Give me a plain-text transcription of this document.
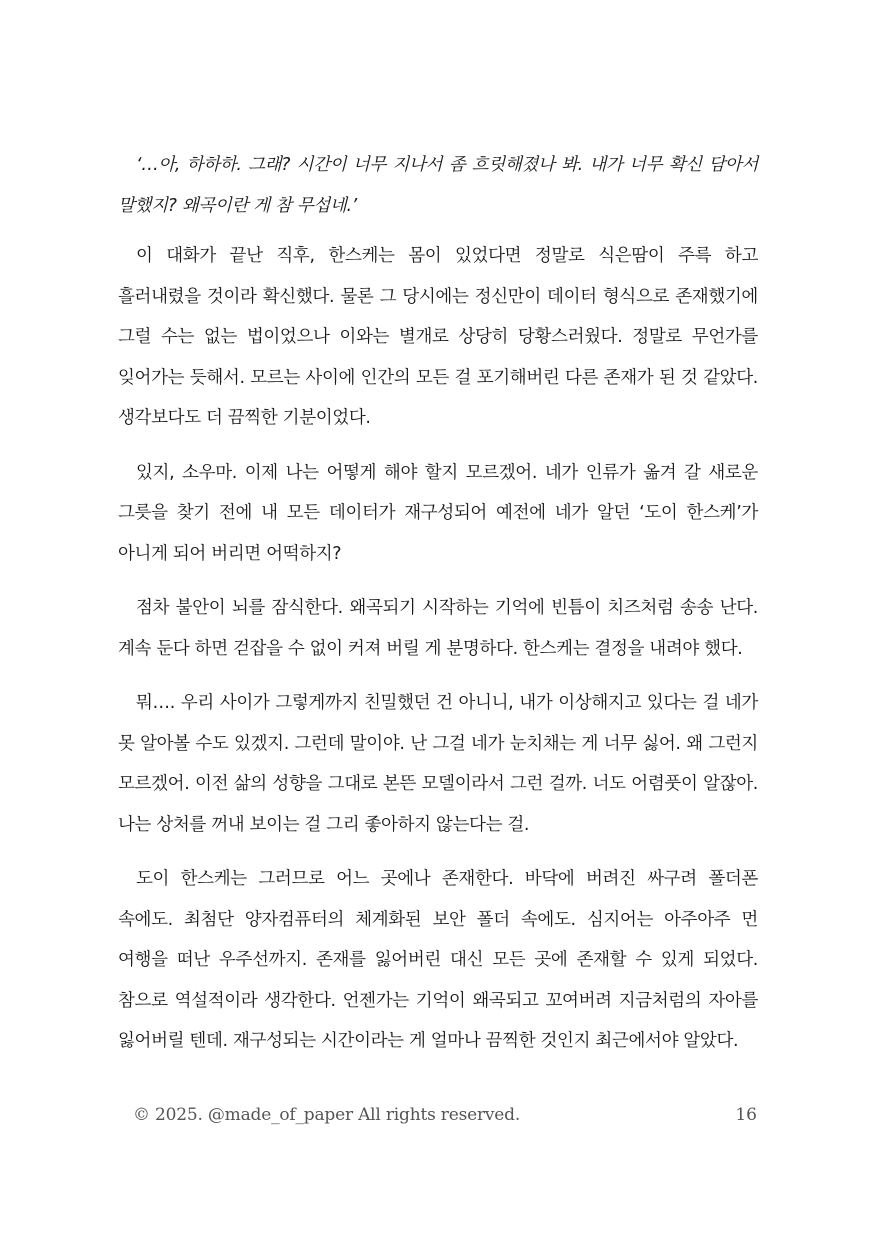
‘…아, 하하하. 그래? 시간이 너무 지나서 좀 흐릿해졌나 봐. 내가 너무 확신 담아서 말했지? 왜곡이란 게 참 무섭네.’

이 대화가 끝난 직후, 한스케는 몸이 있었다면 정말로 식은땀이 주륵 하고 흘러내렸을 것이라 확신했다. 물론 그 당시에는 정신만이 데이터 형식으로 존재했기에 그럴 수는 없는 법이었으나 이와는 별개로 상당히 당황스러웠다. 정말로 무언가를 잊어가는 듯해서. 모르는 사이에 인간의 모든 걸 포기해버린 다른 존재가 된 것 같았다. 생각보다도 더 끔찍한 기분이었다.

있지, 소우마. 이제 나는 어떻게 해야 할지 모르겠어. 네가 인류가 옮겨 갈 새로운 그릇을 찾기 전에 내 모든 데이터가 재구성되어 예전에 네가 알던 ‘도이 한스케’가 아니게 되어 버리면 어떡하지?

점차 불안이 뇌를 잠식한다. 왜곡되기 시작하는 기억에 빈틈이 치즈처럼 송송 난다. 계속 둔다 하면 걷잡을 수 없이 커져 버릴 게 분명하다. 한스케는 결정을 내려야 했다.

뭐…. 우리 사이가 그렇게까지 친밀했던 건 아니니, 내가 이상해지고 있다는 걸 네가 못 알아볼 수도 있겠지. 그런데 말이야. 난 그걸 네가 눈치채는 게 너무 싫어. 왜 그런지 모르겠어. 이전 삶의 성향을 그대로 본뜬 모델이라서 그런 걸까. 너도 어렴풋이 알잖아. 나는 상처를 꺼내 보이는 걸 그리 좋아하지 않는다는 걸.

도이 한스케는 그러므로 어느 곳에나 존재한다. 바닥에 버려진 싸구려 폴더폰 속에도. 최첨단 양자컴퓨터의 체계화된 보안 폴더 속에도. 심지어는 아주아주 먼 여행을 떠난 우주선까지. 존재를 잃어버린 대신 모든 곳에 존재할 수 있게 되었다. 참으로 역설적이라 생각한다. 언젠가는 기억이 왜곡되고 꼬여버려 지금처럼의 자아를 잃어버릴 텐데. 재구성되는 시간이라는 게 얼마나 끔찍한 것인지 최근에서야 알았다.

© 2025. @made_of_paper All rights reserved.	16
